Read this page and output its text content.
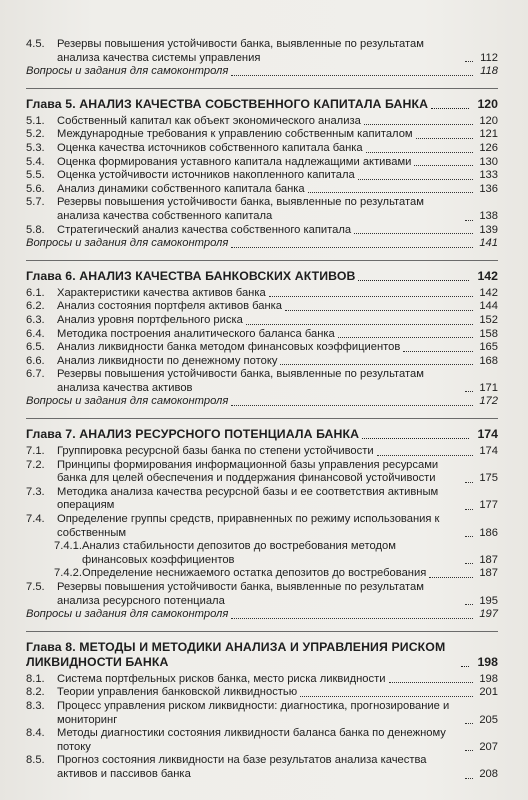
4.5.	Резервы повышения устойчивости банка, выявленные по результатам анализа качества системы управления	112
Вопросы и задания для самоконтроля	118
Глава 5. АНАЛИЗ КАЧЕСТВА СОБСТВЕННОГО КАПИТАЛА БАНКА	120
5.1.	Собственный капитал как объект экономического анализа	120
5.2.	Международные требования к управлению собственным капиталом	121
5.3.	Оценка качества источников собственного капитала банка	126
5.4.	Оценка формирования уставного капитала надлежащими активами	130
5.5.	Оценка устойчивости источников накопленного капитала	133
5.6.	Анализ динамики собственного капитала банка	136
5.7.	Резервы повышения устойчивости банка, выявленные по результатам анализа качества собственного капитала	138
5.8.	Стратегический анализ качества собственного капитала	139
Вопросы и задания для самоконтроля	141
Глава 6. АНАЛИЗ КАЧЕСТВА БАНКОВСКИХ АКТИВОВ	142
6.1.	Характеристики качества активов банка	142
6.2.	Анализ состояния портфеля активов банка	144
6.3.	Анализ уровня портфельного риска	152
6.4.	Методика построения аналитического баланса банка	158
6.5.	Анализ ликвидности банка методом финансовых коэффициентов	165
6.6.	Анализ ликвидности по денежному потоку	168
6.7.	Резервы повышения устойчивости банка, выявленные по результатам анализа качества активов	171
Вопросы и задания для самоконтроля	172
Глава 7. АНАЛИЗ РЕСУРСНОГО ПОТЕНЦИАЛА БАНКА	174
7.1.	Группировка ресурсной базы банка по степени устойчивости	174
7.2.	Принципы формирования информационной базы управления ресурсами банка для целей обеспечения и поддержания финансовой устойчивости	175
7.3.	Методика анализа качества ресурсной базы и ее соответствия активным операциям	177
7.4.	Определение группы средств, приравненных по режиму использования к собственным	186
7.4.1. Анализ стабильности депозитов до востребования методом финансовых коэффициентов	187
7.4.2. Определение неснижаемого остатка депозитов до востребования	187
7.5.	Резервы повышения устойчивости банка, выявленные по результатам анализа ресурсного потенциала	195
Вопросы и задания для самоконтроля	197
Глава 8. МЕТОДЫ И МЕТОДИКИ АНАЛИЗА И УПРАВЛЕНИЯ РИСКОМ ЛИКВИДНОСТИ БАНКА	198
8.1.	Система портфельных рисков банка, место риска ликвидности	198
8.2.	Теории управления банковской ликвидностью	201
8.3.	Процесс управления риском ликвидности: диагностика, прогнозирование и мониторинг	205
8.4.	Методы диагностики состояния ликвидности баланса банка по денежному потоку	207
8.5.	Прогноз состояния ликвидности на базе результатов анализа качества активов и пассивов банка	208
